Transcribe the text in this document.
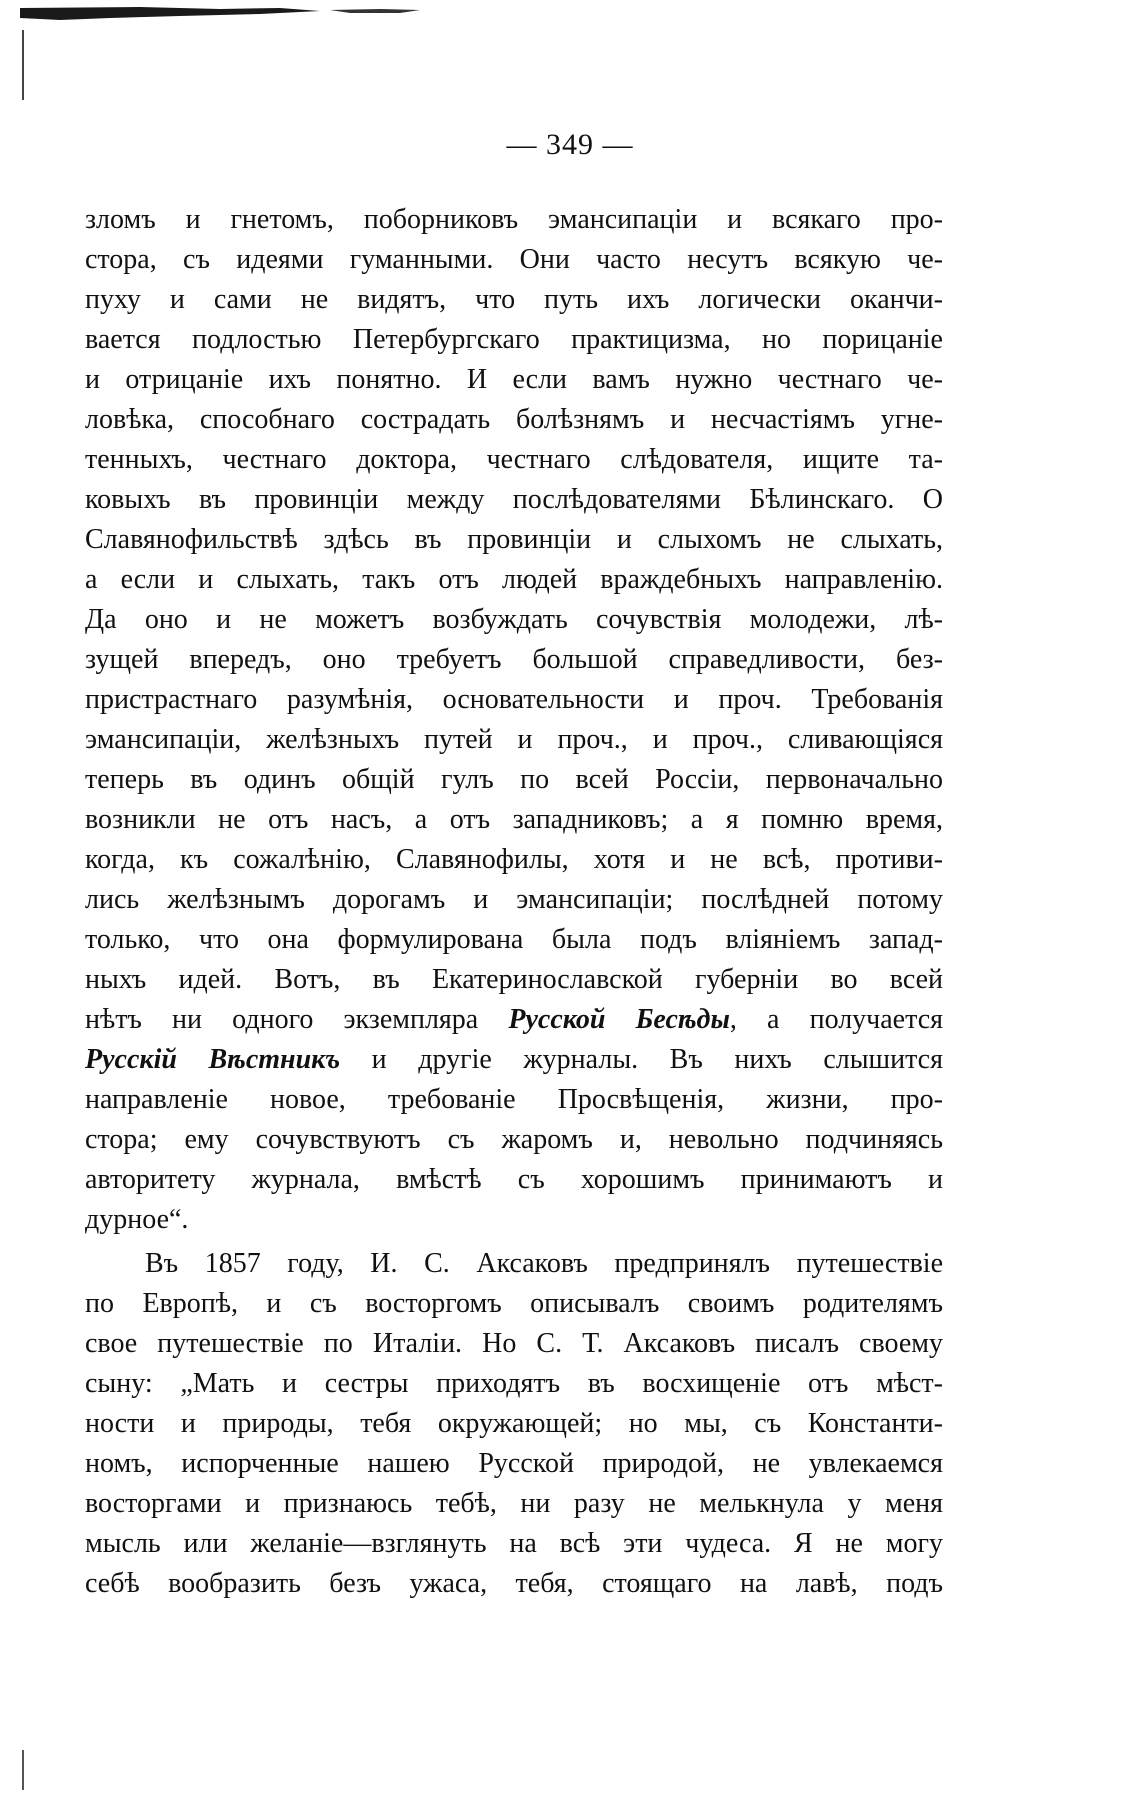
— 349 —
зломъ и гнетомъ, поборниковъ эмансипаціи и всякаго про-
стора, съ идеями гуманными. Они часто несутъ всякую че-
пуху и сами не видятъ, что путь ихъ логически оканчи-
вается подлостью Петербургскаго практицизма, но порицаніе
и отрицаніе ихъ понятно. И если вамъ нужно честнаго че-
ловѣка, способнаго сострадать болѣзнямъ и несчастіямъ угне-
тенныхъ, честнаго доктора, честнаго слѣдователя, ищите та-
ковыхъ въ провинціи между послѣдователями Бѣлинскаго. О
Славянофильствѣ здѣсь въ провинціи и слыхомъ не слыхать,
а если и слыхать, такъ отъ людей враждебныхъ направленію.
Да оно и не можетъ возбуждать сочувствія молодежи, лѣ-
зущей впередъ, оно требуетъ большой справедливости, без-
пристрастнаго разумѣнія, основательности и проч. Требованія
эмансипаціи, желѣзныхъ путей и проч., и проч., сливающіяся
теперь въ одинъ общій гулъ по всей Россіи, первоначально
возникли не отъ насъ, а отъ западниковъ; а я помню время,
когда, къ сожалѣнію, Славянофилы, хотя и не всѣ, противи-
лись желѣзнымъ дорогамъ и эмансипаціи; послѣдней потому
только, что она формулирована была подъ вліяніемъ запад-
ныхъ идей. Вотъ, въ Екатеринославской губерніи во всей
нѣтъ ни одного экземпляра Русской Бесѣды, а получается
Русскій Вѣстникъ и другіе журналы. Въ нихъ слышится
направленіе новое, требованіе Просвѣщенія, жизни, про-
стора; ему сочувствуютъ съ жаромъ и, невольно подчиняясь
авторитету журнала, вмѣстѣ съ хорошимъ принимаютъ и
дурное“.
Въ 1857 году, И. С. Аксаковъ предпринялъ путешествіе
по Европѣ, и съ восторгомъ описывалъ своимъ родителямъ
свое путешествіе по Италіи. Но С. Т. Аксаковъ писалъ своему
сыну: „Мать и сестры приходятъ въ восхищеніе отъ мѣст-
ности и природы, тебя окружающей; но мы, съ Константи-
номъ, испорченные нашею Русской природой, не увлекаемся
восторгами и признаюсь тебѣ, ни разу не мелькнула у меня
мысль или желаніе—взглянуть на всѣ эти чудеса. Я не могу
себѣ вообразить безъ ужаса, тебя, стоящаго на лавѣ, подъ
